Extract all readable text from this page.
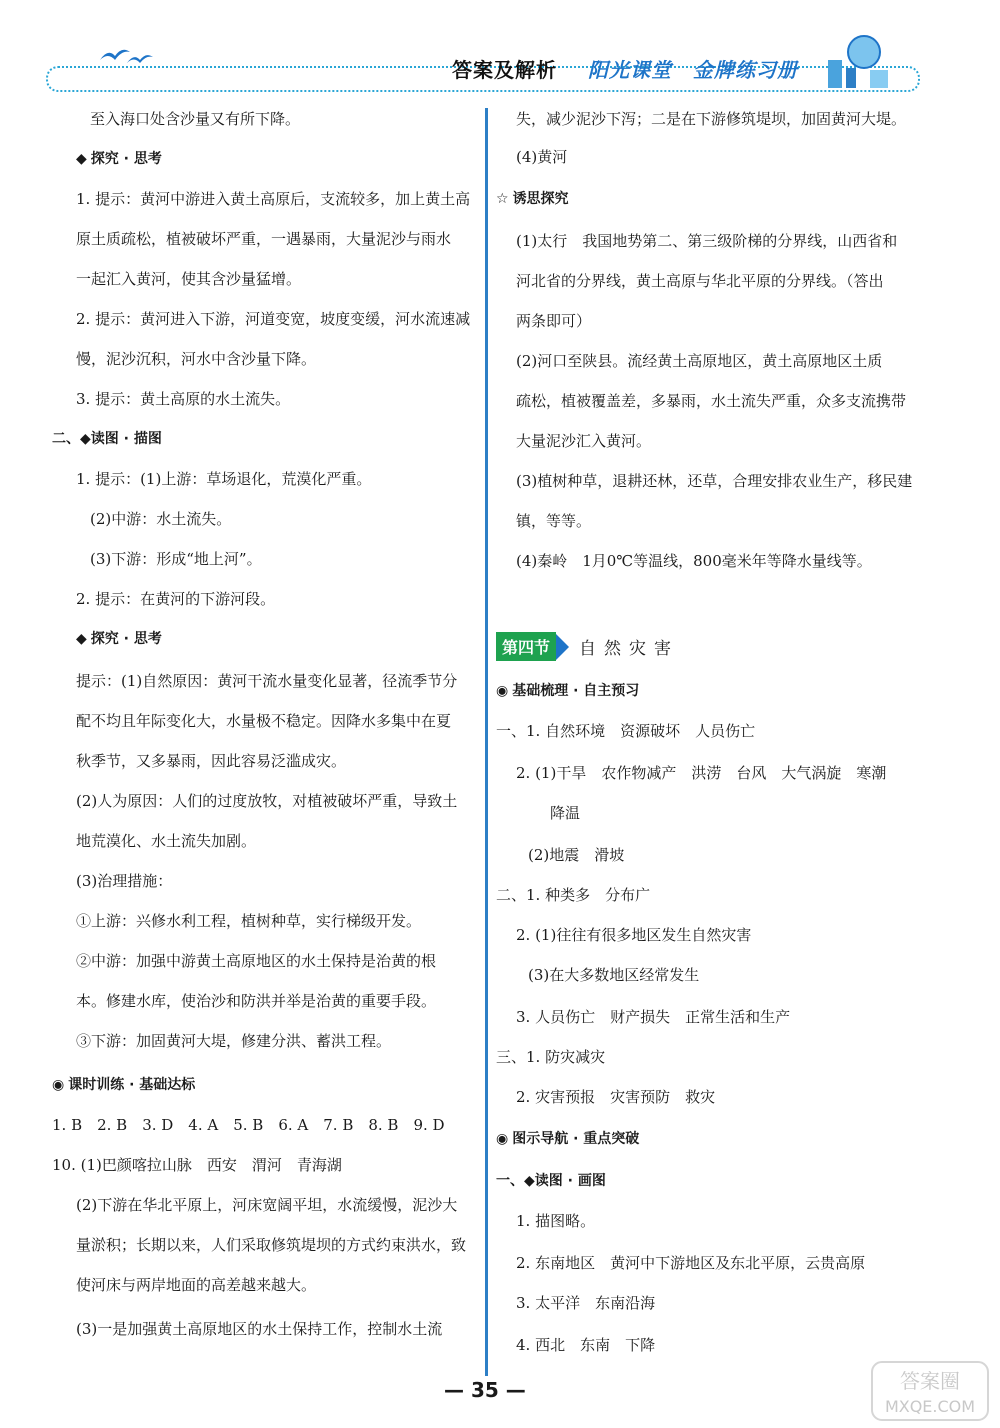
答案及解析 阳光课堂　金牌练习册
至入海口处含沙量又有所下降。
◆ 探究 · 思考
1. 提示：黄河中游进入黄土高原后，支流较多，加上黄土高
原土质疏松，植被破坏严重，一遇暴雨，大量泥沙与雨水
一起汇入黄河，使其含沙量猛增。
2. 提示：黄河进入下游，河道变宽，坡度变缓，河水流速减
慢，泥沙沉积，河水中含沙量下降。
3. 提示：黄土高原的水土流失。
二、◆读图 · 描图
1. 提示：(1)上游：草场退化，荒漠化严重。
(2)中游：水土流失。
(3)下游：形成“地上河”。
2. 提示：在黄河的下游河段。
◆ 探究 · 思考
提示：(1)自然原因：黄河干流水量变化显著，径流季节分
配不均且年际变化大，水量极不稳定。因降水多集中在夏
秋季节，又多暴雨，因此容易泛滥成灾。
(2)人为原因：人们的过度放牧，对植被破坏严重，导致土
地荒漠化、水土流失加剧。
(3)治理措施：
①上游：兴修水利工程，植树种草，实行梯级开发。
②中游：加强中游黄土高原地区的水土保持是治黄的根
本。修建水库，使治沙和防洪并举是治黄的重要手段。
③下游：加固黄河大堤，修建分洪、蓄洪工程。
◉ 课时训练 · 基础达标
1. B　2. B　3. D　4. A　5. B　6. A　7. B　8. B　9. D
10. (1)巴颜喀拉山脉　西安　渭河　青海湖
(2)下游在华北平原上，河床宽阔平坦，水流缓慢，泥沙大
量淤积；长期以来，人们采取修筑堤坝的方式约束洪水，致
使河床与两岸地面的高差越来越大。
(3)一是加强黄土高原地区的水土保持工作，控制水土流
失，减少泥沙下泻；二是在下游修筑堤坝，加固黄河大堤。
(4)黄河
☆ 诱思探究
(1)太行　我国地势第二、第三级阶梯的分界线，山西省和
河北省的分界线，黄土高原与华北平原的分界线。（答出
两条即可）
(2)河口至陕县。流经黄土高原地区，黄土高原地区土质
疏松，植被覆盖差，多暴雨，水土流失严重，众多支流携带
大量泥沙汇入黄河。
(3)植树种草，退耕还林，还草，合理安排农业生产，移民建
镇，等等。
(4)秦岭　1月0℃等温线，800毫米年等降水量线等。
第四节	自然灾害
◉ 基础梳理 · 自主预习
一、1. 自然环境　资源破坏　人员伤亡
2. (1)干旱　农作物减产　洪涝　台风　大气涡旋　寒潮
降温
(2)地震　滑坡
二、1. 种类多　分布广
2. (1)往往有很多地区发生自然灾害
(3)在大多数地区经常发生
3. 人员伤亡　财产损失　正常生活和生产
三、1. 防灾减灾
2. 灾害预报　灾害预防　救灾
◉ 图示导航 · 重点突破
一、◆读图 · 画图
1. 描图略。
2. 东南地区　黄河中下游地区及东北平原，云贵高原
3. 太平洋　东南沿海
4. 西北　东南　下降
— 35 —	答案圈
MXQE.COM
